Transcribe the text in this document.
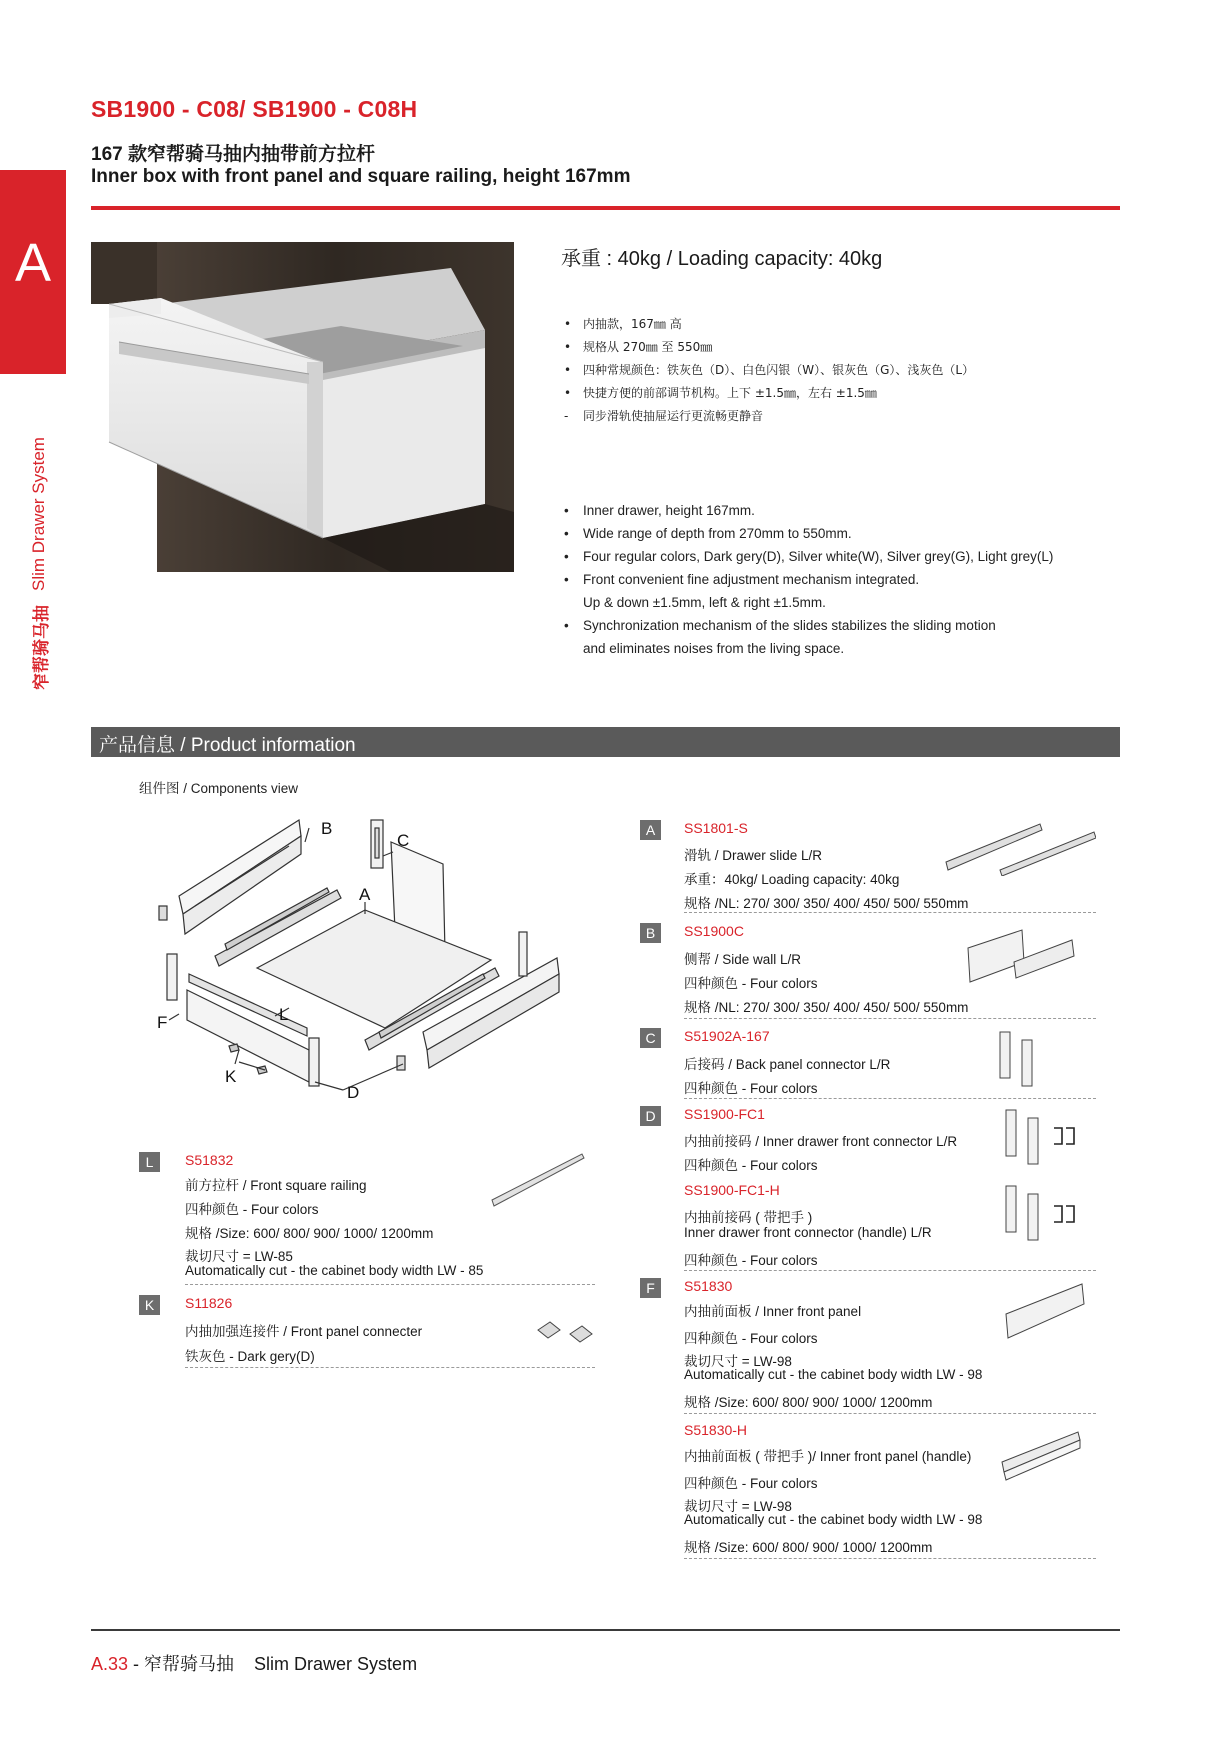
SB1900 - C08/ SB1900 - C08H
167 款窄帮骑马抽内抽带前方拉杆
Inner box with front panel and square railing, height 167mm
A
窄帮骑马抽
Slim Drawer System
承重 : 40kg / Loading capacity: 40kg
• 内抽款，167㎜ 高
• 规格从 270㎜ 至 550㎜
• 四种常规颜色：铁灰色（D）、白色闪银（W）、银灰色（G）、浅灰色（L）
• 快捷方便的前部调节机构。上下 ±1.5㎜，左右 ±1.5㎜
- 同步滑轨使抽屉运行更流畅更静音
• Inner drawer, height 167mm.
• Wide range of depth from 270mm to 550mm.
• Four regular colors, Dark gery(D), Silver white(W), Silver grey(G), Light grey(L)
• Front convenient fine adjustment mechanism integrated.
Up & down ±1.5mm, left & right ±1.5mm.
• Synchronization mechanism of the slides stabilizes the sliding motion
and eliminates noises from the living space.
产品信息 / Product information
组件图 / Components view
B
C
A
L
F
K
D
L	S51832
前方拉杆 / Front square railing
四种颜色 - Four colors
规格 /Size: 600/ 800/ 900/ 1000/ 1200mm
裁切尺寸 = LW-85
Automatically cut - the cabinet body width LW - 85
K	S11826
内抽加强连接件 / Front panel connecter
铁灰色 - Dark gery(D)
A	SS1801-S
滑轨 / Drawer slide L/R
承重：40kg/ Loading capacity: 40kg
规格 /NL: 270/ 300/ 350/ 400/ 450/ 500/ 550mm
B	SS1900C
侧帮 / Side wall L/R
四种颜色 - Four colors
规格 /NL: 270/ 300/ 350/ 400/ 450/ 500/ 550mm
C	S51902A-167
后接码 / Back panel connector L/R
四种颜色 - Four colors
D	SS1900-FC1
内抽前接码 / Inner drawer front connector L/R
四种颜色 - Four colors
SS1900-FC1-H
内抽前接码 ( 带把手 )
Inner drawer front connector (handle) L/R
四种颜色 - Four colors
F	S51830
内抽前面板 / Inner front panel
四种颜色 - Four colors
裁切尺寸 = LW-98
Automatically cut - the cabinet body width LW - 98
规格 /Size: 600/ 800/ 900/ 1000/ 1200mm
S51830-H
内抽前面板 ( 带把手 )/ Inner front panel (handle)
四种颜色 - Four colors
裁切尺寸 = LW-98
Automatically cut - the cabinet body width LW - 98
规格 /Size: 600/ 800/ 900/ 1000/ 1200mm
A.33 - 窄帮骑马抽 Slim Drawer System
